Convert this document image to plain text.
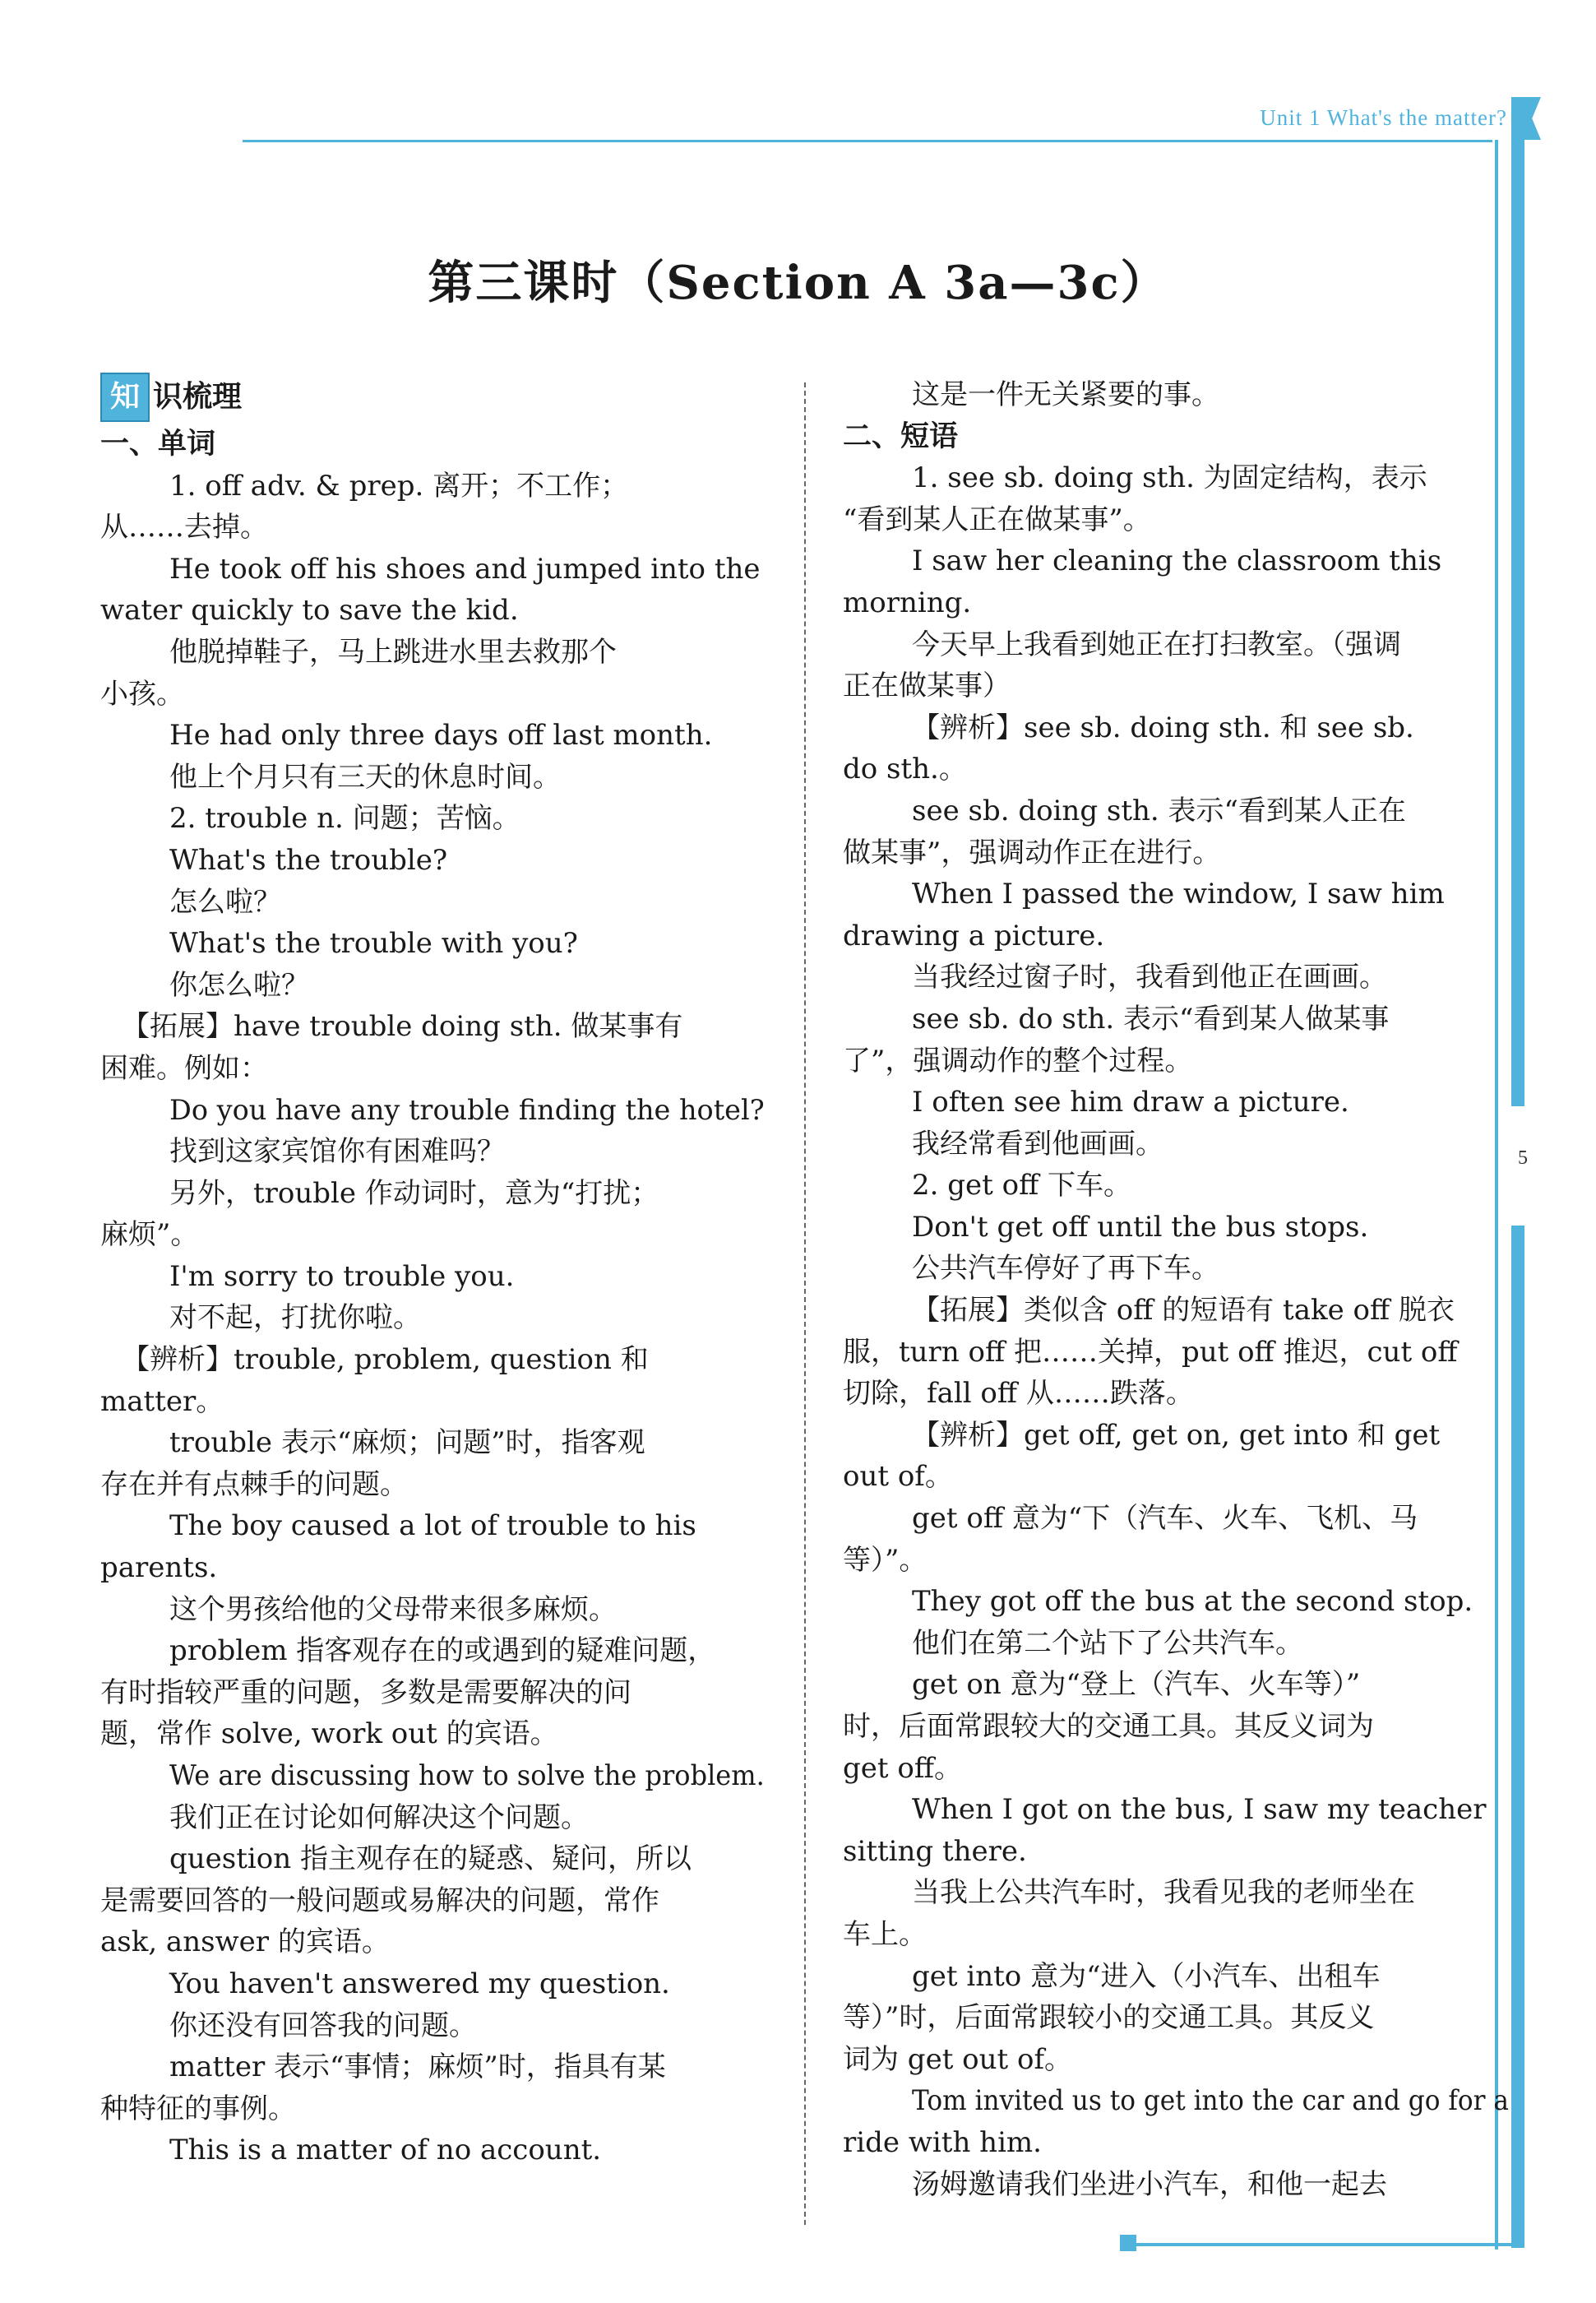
Unit 1 What's the matter?
5
第三课时（Section A 3a—3c）
知 识梳理

一、单词

1. off adv. & prep. 离开；不工作；

从……去掉。

He took off his shoes and jumped into the

water quickly to save the kid.

他脱掉鞋子，马上跳进水里去救那个

小孩。

He had only three days off last month.

他上个月只有三天的休息时间。

2. trouble n. 问题；苦恼。

What's the trouble?

怎么啦？

What's the trouble with you?

你怎么啦？

【拓展】have trouble doing sth. 做某事有

困难。例如：

Do you have any trouble finding the hotel?

找到这家宾馆你有困难吗？

另外，trouble 作动词时，意为“打扰；

麻烦”。

I'm sorry to trouble you.

对不起，打扰你啦。

【辨析】trouble, problem, question 和

matter。

trouble 表示“麻烦；问题”时，指客观

存在并有点棘手的问题。

The boy caused a lot of trouble to his

parents.

这个男孩给他的父母带来很多麻烦。

problem 指客观存在的或遇到的疑难问题，

有时指较严重的问题，多数是需要解决的问

题，常作 solve, work out 的宾语。

We are discussing how to solve the problem.

我们正在讨论如何解决这个问题。

question 指主观存在的疑惑、疑问，所以

是需要回答的一般问题或易解决的问题，常作

ask, answer 的宾语。

You haven't answered my question.

你还没有回答我的问题。

matter 表示“事情；麻烦”时，指具有某

种特征的事例。

This is a matter of no account.

这是一件无关紧要的事。

二、短语

1. see sb. doing sth. 为固定结构，表示

“看到某人正在做某事”。

I saw her cleaning the classroom this

morning.

今天早上我看到她正在打扫教室。（强调

正在做某事）

【辨析】see sb. doing sth. 和 see sb.

do sth.。

see sb. doing sth. 表示“看到某人正在

做某事”，强调动作正在进行。

When I passed the window, I saw him

drawing a picture.

当我经过窗子时，我看到他正在画画。

see sb. do sth. 表示“看到某人做某事

了”，强调动作的整个过程。

I often see him draw a picture.

我经常看到他画画。

2. get off 下车。

Don't get off until the bus stops.

公共汽车停好了再下车。

【拓展】类似含 off 的短语有 take off 脱衣

服，turn off 把……关掉，put off 推迟，cut off

切除，fall off 从……跌落。

【辨析】get off, get on, get into 和 get

out of。

get off 意为“下（汽车、火车、飞机、马

等）”。

They got off the bus at the second stop.

他们在第二个站下了公共汽车。

get on 意为“登上（汽车、火车等）”

时，后面常跟较大的交通工具。其反义词为

get off。

When I got on the bus, I saw my teacher

sitting there.

当我上公共汽车时，我看见我的老师坐在

车上。

get into 意为“进入（小汽车、出租车

等）”时，后面常跟较小的交通工具。其反义

词为 get out of。

Tom invited us to get into the car and go for a

ride with him.

汤姆邀请我们坐进小汽车，和他一起去
